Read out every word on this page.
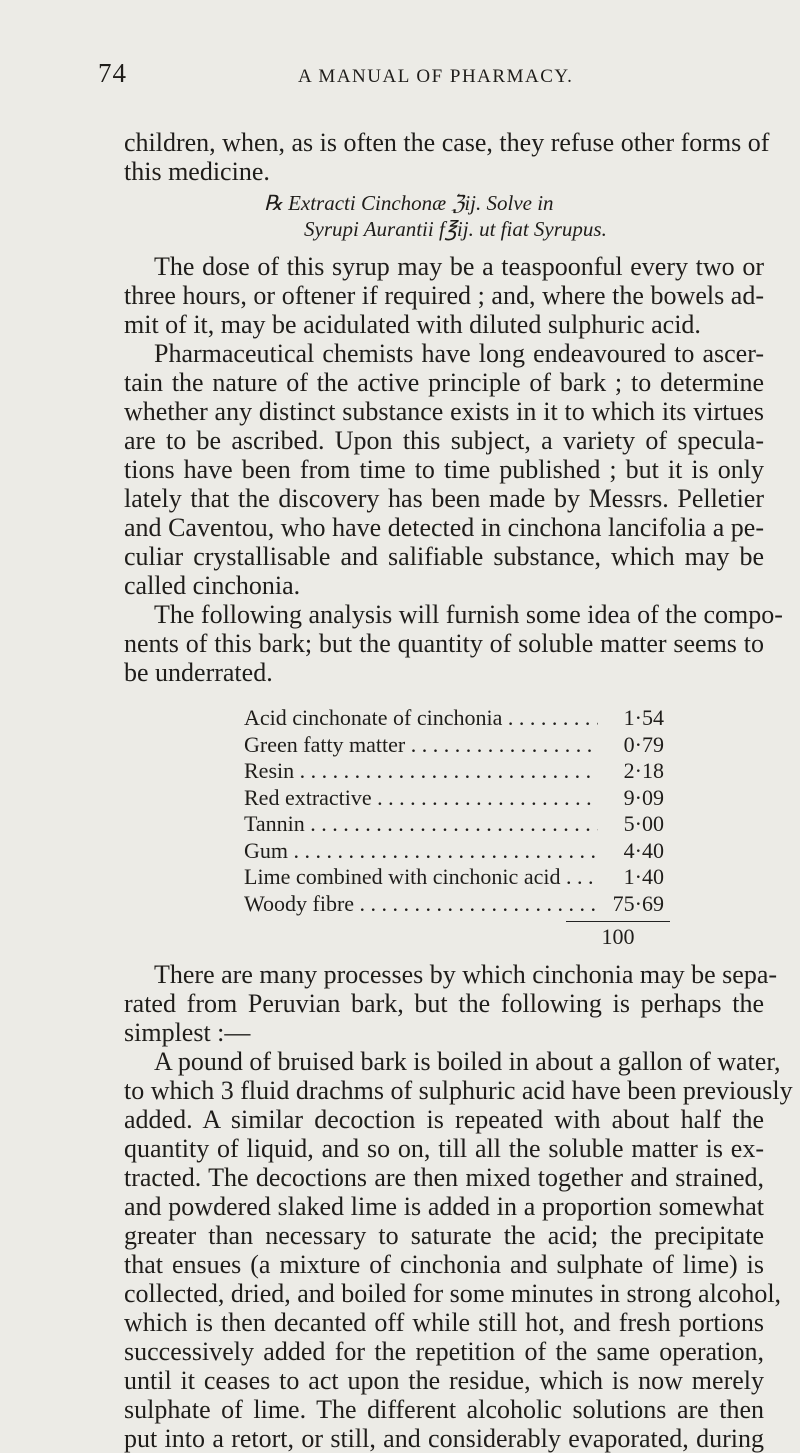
74	A MANUAL OF PHARMACY.
children, when, as is often the case, they refuse other forms of
this medicine.
℞ Extracti Cinchonæ ℨij. Solve in
Syrupi Aurantii f℥ij. ut fiat Syrupus.
The dose of this syrup may be a teaspoonful every two or
three hours, or oftener if required ; and, where the bowels ad-
mit of it, may be acidulated with diluted sulphuric acid.
Pharmaceutical chemists have long endeavoured to ascer-
tain the nature of the active principle of bark ; to determine
whether any distinct substance exists in it to which its virtues
are to be ascribed. Upon this subject, a variety of specula-
tions have been from time to time published ; but it is only
lately that the discovery has been made by Messrs. Pelletier
and Caventou, who have detected in cinchona lancifolia a pe-
culiar crystallisable and salifiable substance, which may be
called cinchonia.
The following analysis will furnish some idea of the compo-
nents of this bark; but the quantity of soluble matter seems to
be underrated.
Acid cinchonate of cinchonia . . .	1·54
Green fatty matter . . .	0·79
Resin . . .	2·18
Red extractive . . .	9·09
Tannin . . .	5·00
Gum . . .	4·40
Lime combined with cinchonic acid . . .	1·40
Woody fibre . . .	75·69
100
There are many processes by which cinchonia may be sepa-
rated from Peruvian bark, but the following is perhaps the
simplest :—
A pound of bruised bark is boiled in about a gallon of water,
to which 3 fluid drachms of sulphuric acid have been previously
added. A similar decoction is repeated with about half the
quantity of liquid, and so on, till all the soluble matter is ex-
tracted. The decoctions are then mixed together and strained,
and powdered slaked lime is added in a proportion somewhat
greater than necessary to saturate the acid; the precipitate
that ensues (a mixture of cinchonia and sulphate of lime) is
collected, dried, and boiled for some minutes in strong alcohol,
which is then decanted off while still hot, and fresh portions
successively added for the repetition of the same operation,
until it ceases to act upon the residue, which is now merely
sulphate of lime. The different alcoholic solutions are then
put into a retort, or still, and considerably evaporated, during
